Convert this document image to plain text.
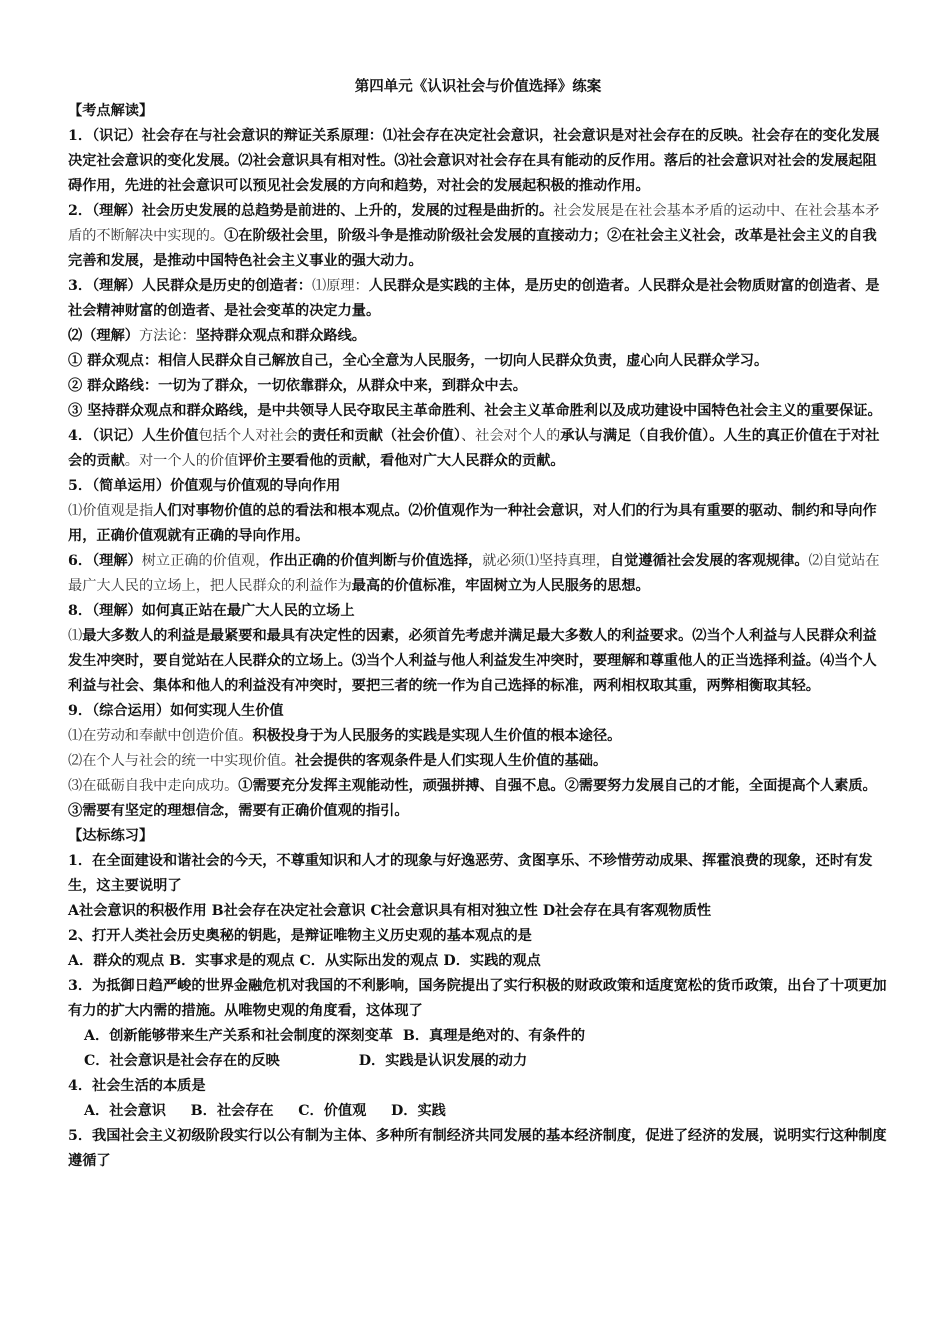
第四单元《认识社会与价值选择》练案
【考点解读】

1．（识记）社会存在与社会意识的辩证关系原理：⑴社会存在决定社会意识，社会意识是对社会存在的反映。社会存在的变化发展决定社会意识的变化发展。⑵社会意识具有相对性。⑶社会意识对社会存在具有能动的反作用。落后的社会意识对社会的发展起阻碍作用，先进的社会意识可以预见社会发展的方向和趋势，对社会的发展起积极的推动作用。

2．（理解）社会历史发展的总趋势是前进的、上升的，发展的过程是曲折的。社会发展是在社会基本矛盾的运动中、在社会基本矛盾的不断解决中实现的。①在阶级社会里，阶级斗争是推动阶级社会发展的直接动力；②在社会主义社会，改革是社会主义的自我完善和发展，是推动中国特色社会主义事业的强大动力。

3．（理解）人民群众是历史的创造者：⑴原理：人民群众是实践的主体，是历史的创造者。人民群众是社会物质财富的创造者、是社会精神财富的创造者、是社会变革的决定力量。

⑵（理解）方法论：坚持群众观点和群众路线。

① 群众观点：相信人民群众自己解放自己，全心全意为人民服务，一切向人民群众负责，虚心向人民群众学习。

② 群众路线：一切为了群众，一切依靠群众，从群众中来，到群众中去。

③ 坚持群众观点和群众路线，是中共领导人民夺取民主革命胜利、社会主义革命胜利以及成功建设中国特色社会主义的重要保证。

4．（识记）人生价值包括个人对社会的责任和贡献（社会价值）、社会对个人的承认与满足（自我价值）。人生的真正价值在于对社会的贡献。对一个人的价值评价主要看他的贡献，看他对广大人民群众的贡献。

5．（简单运用）价值观与价值观的导向作用

⑴价值观是指人们对事物价值的总的看法和根本观点。⑵价值观作为一种社会意识，对人们的行为具有重要的驱动、制约和导向作用，正确价值观就有正确的导向作用。

6．（理解）树立正确的价值观，作出正确的价值判断与价值选择，就必须⑴坚持真理，自觉遵循社会发展的客观规律。⑵自觉站在最广大人民的立场上，把人民群众的利益作为最高的价值标准，牢固树立为人民服务的思想。

8．（理解）如何真正站在最广大人民的立场上

⑴最大多数人的利益是最紧要和最具有决定性的因素，必须首先考虑并满足最大多数人的利益要求。⑵当个人利益与人民群众利益发生冲突时，要自觉站在人民群众的立场上。⑶当个人利益与他人利益发生冲突时，要理解和尊重他人的正当选择利益。⑷当个人利益与社会、集体和他人的利益没有冲突时，要把三者的统一作为自己选择的标准，两利相权取其重，两弊相衡取其轻。

9．（综合运用）如何实现人生价值

⑴在劳动和奉献中创造价值。积极投身于为人民服务的实践是实现人生价值的根本途径。

⑵在个人与社会的统一中实现价值。社会提供的客观条件是人们实现人生价值的基础。

⑶在砥砺自我中走向成功。①需要充分发挥主观能动性，顽强拼搏、自强不息。②需要努力发展自己的才能，全面提高个人素质。③需要有坚定的理想信念，需要有正确价值观的指引。

【达标练习】

1．在全面建设和谐社会的今天，不尊重知识和人才的现象与好逸恶劳、贪图享乐、不珍惜劳动成果、挥霍浪费的现象，还时有发生，这主要说明了

A社会意识的积极作用 B社会存在决定社会意识 C社会意识具有相对独立性 D社会存在具有客观物质性

2、打开人类社会历史奥秘的钥匙，是辩证唯物主义历史观的基本观点的是

A．群众的观点 B．实事求是的观点 C．从实际出发的观点 D．实践的观点

3．为抵御日趋严峻的世界金融危机对我国的不利影响，国务院提出了实行积极的财政政策和适度宽松的货币政策，出台了十项更加有力的扩大内需的措施。从唯物史观的角度看，这体现了

A．创新能够带来生产关系和社会制度的深刻变革  B．真理是绝对的、有条件的

C．社会意识是社会存在的反映                D．实践是认识发展的动力

4．社会生活的本质是

A．社会意识     B．社会存在     C．价值观     D．实践

5．我国社会主义初级阶段实行以公有制为主体、多种所有制经济共同发展的基本经济制度，促进了经济的发展，说明实行这种制度遵循了
